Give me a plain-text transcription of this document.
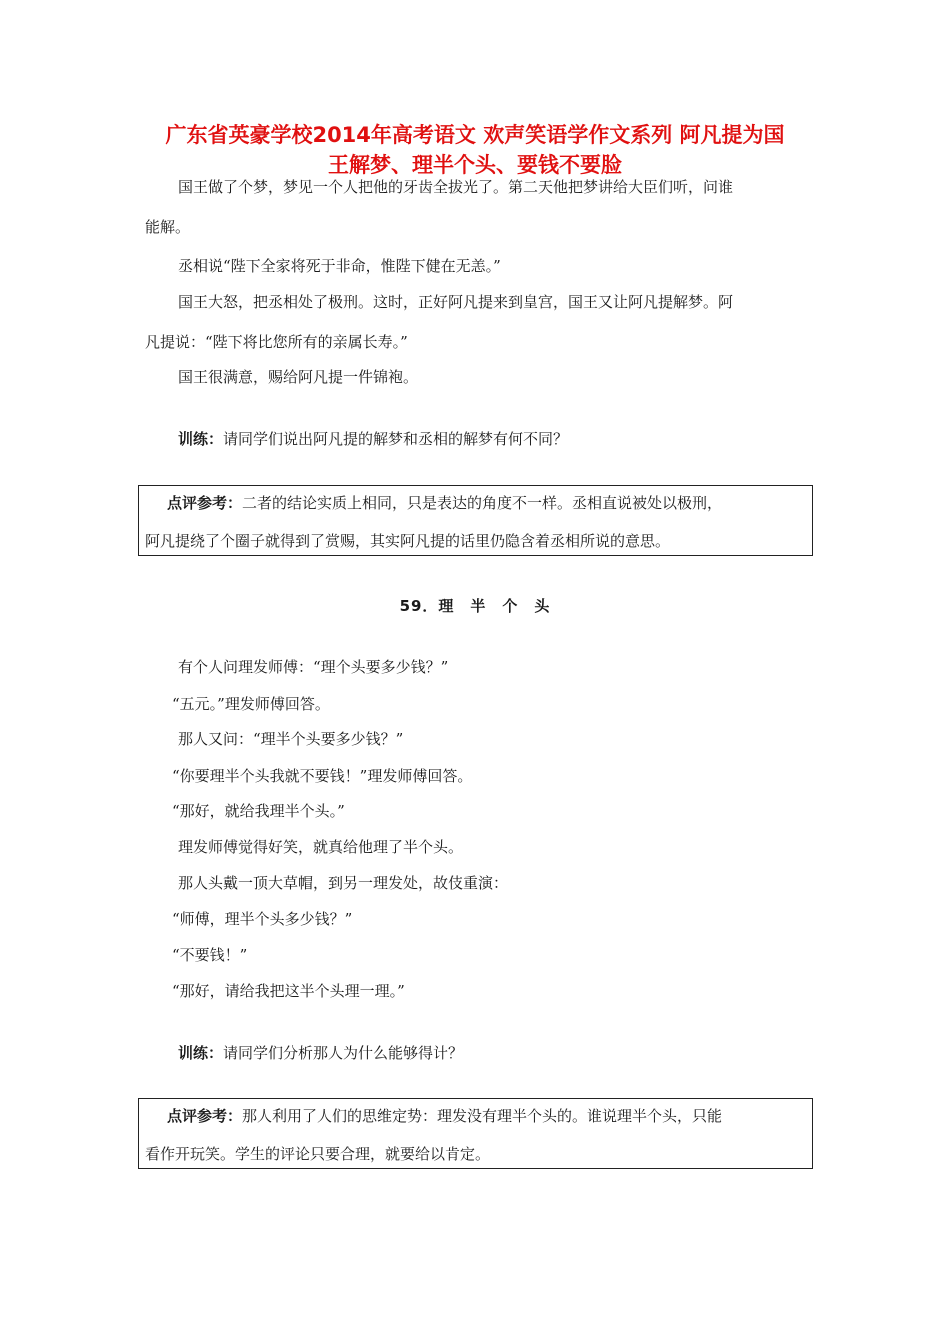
广东省英豪学校2014年高考语文 欢声笑语学作文系列 阿凡提为国
王解梦、理半个头、要钱不要脸
国王做了个梦，梦见一个人把他的牙齿全拔光了。第二天他把梦讲给大臣们听，问谁
能解。
丞相说“陛下全家将死于非命，惟陛下健在无恙。”
国王大怒，把丞相处了极刑。这时，正好阿凡提来到皇宫，国王又让阿凡提解梦。阿
凡提说：“陛下将比您所有的亲属长寿。”
国王很满意，赐给阿凡提一件锦袍。
训练：请同学们说出阿凡提的解梦和丞相的解梦有何不同？
点评参考：二者的结论实质上相同，只是表达的角度不一样。丞相直说被处以极刑，
阿凡提绕了个圈子就得到了赏赐，其实阿凡提的话里仍隐含着丞相所说的意思。
59．理　半　个　头
有个人问理发师傅：“理个头要多少钱？”
“五元。”理发师傅回答。
那人又问：“理半个头要多少钱？”
“你要理半个头我就不要钱！”理发师傅回答。
“那好，就给我理半个头。”
理发师傅觉得好笑，就真给他理了半个头。
那人头戴一顶大草帽，到另一理发处，故伎重演：
“师傅，理半个头多少钱？”
“不要钱！”
“那好，请给我把这半个头理一理。”
训练：请同学们分析那人为什么能够得计？
点评参考：那人利用了人们的思维定势：理发没有理半个头的。谁说理半个头，只能
看作开玩笑。学生的评论只要合理，就要给以肯定。
